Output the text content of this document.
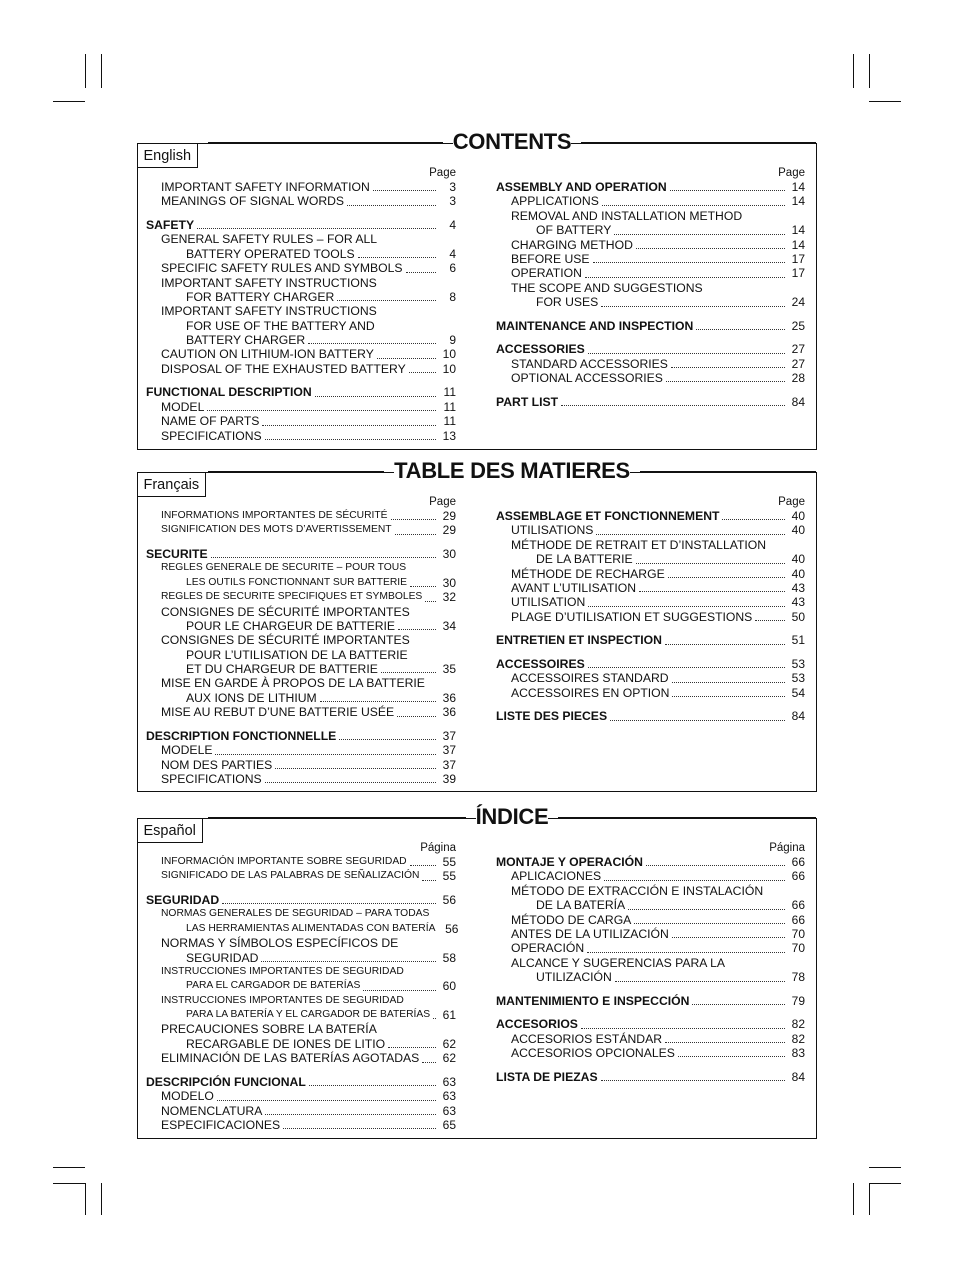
CONTENTS
English
Page
IMPORTANT SAFETY INFORMATION	3
MEANINGS OF SIGNAL WORDS	3
SAFETY	4
GENERAL SAFETY RULES – FOR ALL
BATTERY OPERATED TOOLS	4
SPECIFIC SAFETY RULES AND SYMBOLS	6
IMPORTANT SAFETY INSTRUCTIONS
FOR BATTERY CHARGER	8
IMPORTANT SAFETY INSTRUCTIONS
FOR USE OF THE BATTERY AND
BATTERY CHARGER	9
CAUTION ON LITHIUM-ION BATTERY	10
DISPOSAL OF THE EXHAUSTED BATTERY	10
FUNCTIONAL DESCRIPTION	11
MODEL	11
NAME OF PARTS	11
SPECIFICATIONS	13
Page
ASSEMBLY AND OPERATION	14
APPLICATIONS	14
REMOVAL AND INSTALLATION METHOD
OF BATTERY	14
CHARGING METHOD	14
BEFORE USE	17
OPERATION	17
THE SCOPE AND SUGGESTIONS
FOR USES	24
MAINTENANCE AND INSPECTION	25
ACCESSORIES	27
STANDARD ACCESSORIES	27
OPTIONAL ACCESSORIES	28
PART LIST	84
TABLE DES MATIERES
Français
Page
INFORMATIONS IMPORTANTES DE SÉCURITÉ	29
SIGNIFICATION DES MOTS D’AVERTISSEMENT	29
SECURITE	30
REGLES GENERALE DE SECURITE – POUR TOUS
LES OUTILS FONCTIONNANT SUR BATTERIE	30
REGLES DE SECURITE SPECIFIQUES ET SYMBOLES	32
CONSIGNES DE SÉCURITÉ IMPORTANTES
POUR LE CHARGEUR DE BATTERIE	34
CONSIGNES DE SÉCURITÉ IMPORTANTES
POUR L’UTILISATION DE LA BATTERIE
ET DU CHARGEUR DE BATTERIE	35
MISE EN GARDE À PROPOS DE LA BATTERIE
AUX IONS DE LITHIUM	36
MISE AU REBUT D’UNE BATTERIE USÉE	36
DESCRIPTION FONCTIONNELLE	37
MODELE	37
NOM DES PARTIES	37
SPECIFICATIONS	39
Page
ASSEMBLAGE ET FONCTIONNEMENT	40
UTILISATIONS	40
MÉTHODE DE RETRAIT ET D’INSTALLATION
DE LA BATTERIE	40
MÉTHODE DE RECHARGE	40
AVANT L’UTILISATION	43
UTILISATION	43
PLAGE D’UTILISATION ET SUGGESTIONS	50
ENTRETIEN ET INSPECTION	51
ACCESSOIRES	53
ACCESSOIRES STANDARD	53
ACCESSOIRES EN OPTION	54
LISTE DES PIECES	84
ÍNDICE
Español
Página
INFORMACIÓN IMPORTANTE SOBRE SEGURIDAD	55
SIGNIFICADO DE LAS PALABRAS DE SEÑALIZACIÓN	55
SEGURIDAD	56
NORMAS GENERALES DE SEGURIDAD – PARA TODAS
LAS HERRAMIENTAS ALIMENTADAS CON BATERÍA 56
NORMAS Y SÍMBOLOS ESPECÍFICOS DE
SEGURIDAD	58
INSTRUCCIONES IMPORTANTES DE SEGURIDAD
PARA EL CARGADOR DE BATERÍAS	60
INSTRUCCIONES IMPORTANTES DE SEGURIDAD
PARA LA BATERÍA Y EL CARGADOR DE BATERÍAS	61
PRECAUCIONES SOBRE LA BATERÍA
RECARGABLE DE IONES DE LITIO	62
ELIMINACIÓN DE LAS BATERÍAS AGOTADAS	62
DESCRIPCIÓN FUNCIONAL	63
MODELO	63
NOMENCLATURA	63
ESPECIFICACIONES	65
Página
MONTAJE Y OPERACIÓN	66
APLICACIONES	66
MÉTODO DE EXTRACCIÓN E INSTALACIÓN
DE LA BATERÍA	66
MÉTODO DE CARGA	66
ANTES DE LA UTILIZACIÓN	70
OPERACIÓN	70
ALCANCE Y SUGERENCIAS PARA LA
UTILIZACIÓN	78
MANTENIMIENTO E INSPECCIÓN	79
ACCESORIOS	82
ACCESORIOS ESTÁNDAR	82
ACCESORIOS OPCIONALES	83
LISTA DE PIEZAS	84
